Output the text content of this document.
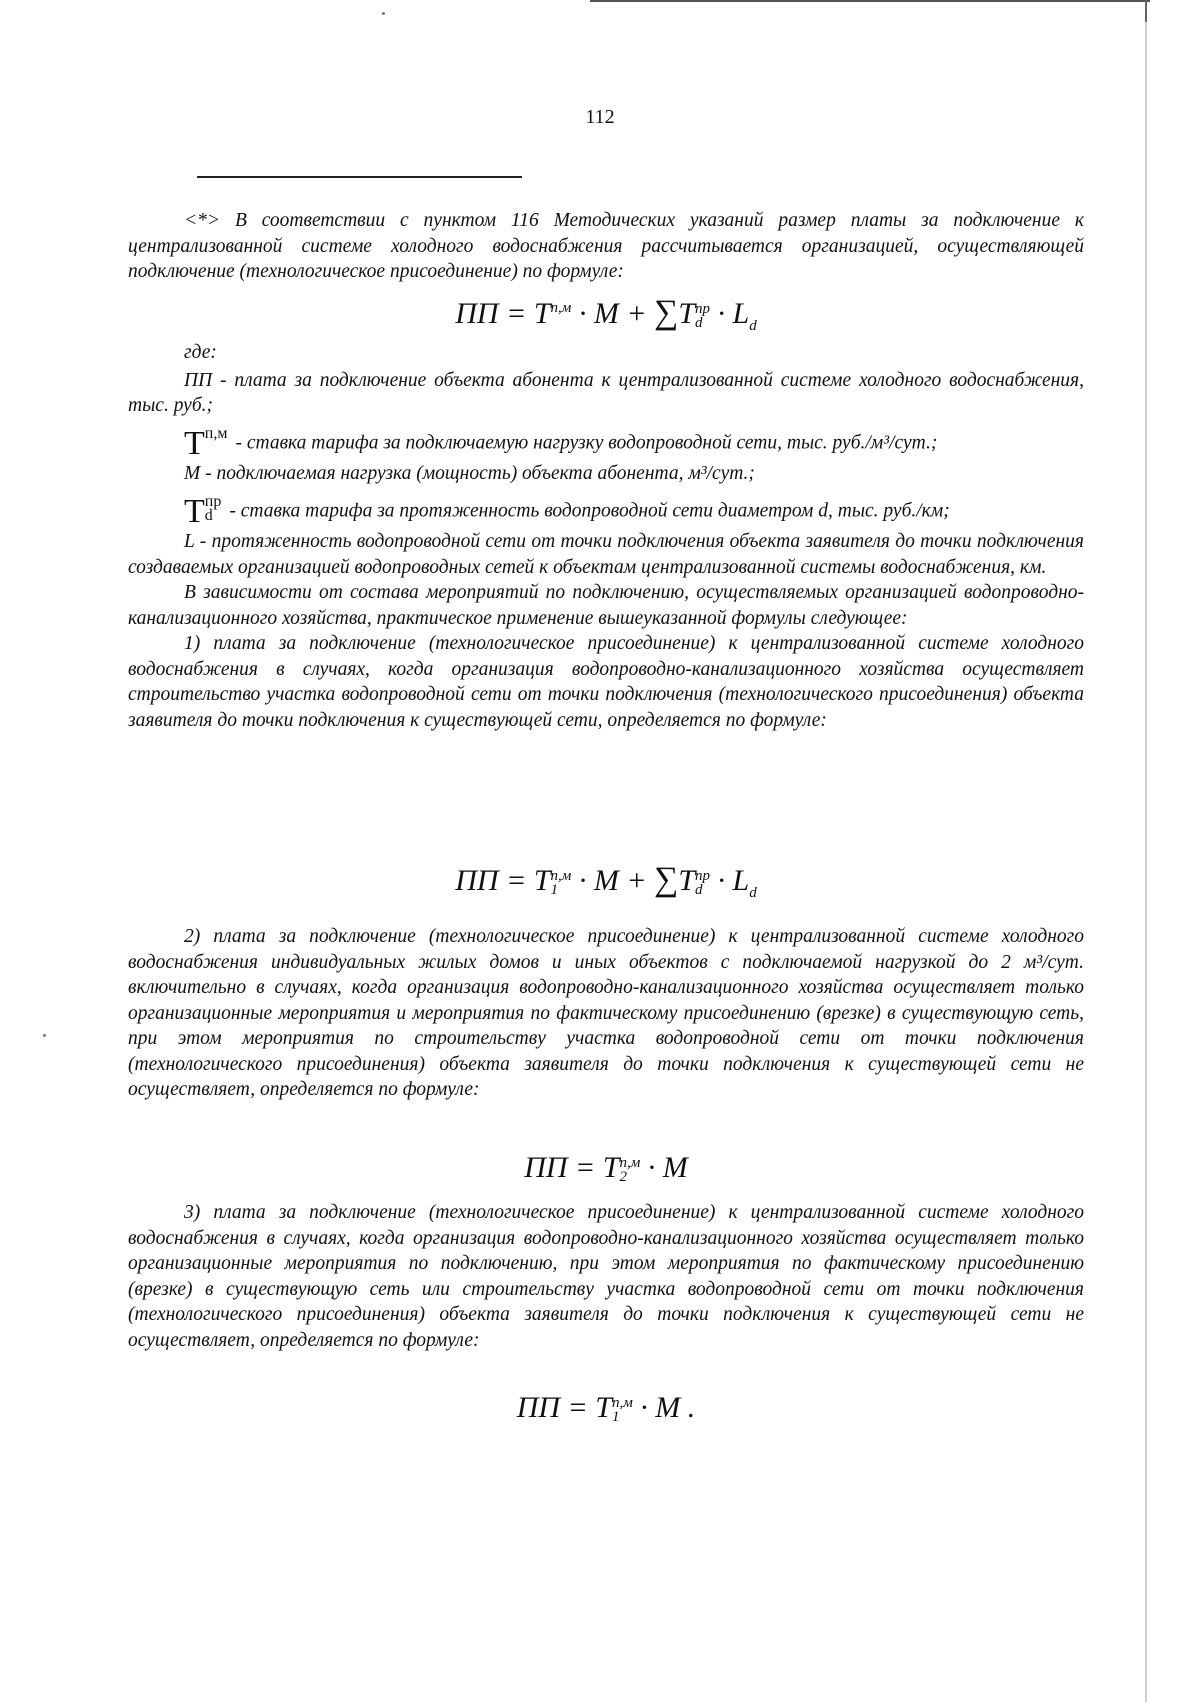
112

<*> В соответствии с пунктом 116 Методических указаний размер платы за подключение к централизованной системе холодного водоснабжения рассчитывается организацией, осуществляющей подключение (технологическое присоединение) по формуле:

ПП = $T^{п,м} \cdot M + \sum T$ пр
$d \cdot L_d$

где:

ПП - плата за подключение объекта абонента к централизованной системе холодного водоснабжения, тыс. руб.;

T п,м - ставка тарифа за подключаемую нагрузку водопроводной сети, тыс. руб./м³/сут.;

M - подключаемая нагрузка (мощность) объекта абонента, м³/сут.;

T пр
d - ставка тарифа за протяженность водопроводной сети диаметром d, тыс. руб./км;

L - протяженность водопроводной сети от точки подключения объекта заявителя до точки подключения создаваемых организацией водопроводных сетей к объектам централизованной системы водоснабжения, км.

В зависимости от состава мероприятий по подключению, осуществляемых организацией водопроводно-канализационного хозяйства, практическое применение вышеуказанной формулы следующее:

1) плата за подключение (технологическое присоединение) к централизованной системе холодного водоснабжения в случаях, когда организация водопроводно-канализационного хозяйства осуществляет строительство участка водопроводной сети от точки подключения (технологического присоединения) объекта заявителя до точки подключения к существующей сети, определяется по формуле:

ПП = T п,м
1 · M + ∑T пр
$d \cdot L_d$

2) плата за подключение (технологическое присоединение) к централизованной системе холодного водоснабжения индивидуальных жилых домов и иных объектов с подключаемой нагрузкой до 2 м³/сут. включительно в случаях, когда организация водопроводно-канализационного хозяйства осуществляет только организационные мероприятия и мероприятия по фактическому присоединению (врезке) в существующую сеть, при этом мероприятия по строительству участка водопроводной сети от точки подключения (технологического присоединения) объекта заявителя до точки подключения к существующей сети не осуществляет, определяется по формуле:

ПП = T п,м
2 · M

3) плата за подключение (технологическое присоединение) к централизованной системе холодного водоснабжения в случаях, когда организация водопроводно-канализационного хозяйства осуществляет только организационные мероприятия по подключению, при этом мероприятия по фактическому присоединению (врезке) в существующую сеть или строительству участка водопроводной сети от точки подключения (технологического присоединения) объекта заявителя до точки подключения к существующей сети не осуществляет, определяется по формуле:

ПП = T п,м
1 · M .
